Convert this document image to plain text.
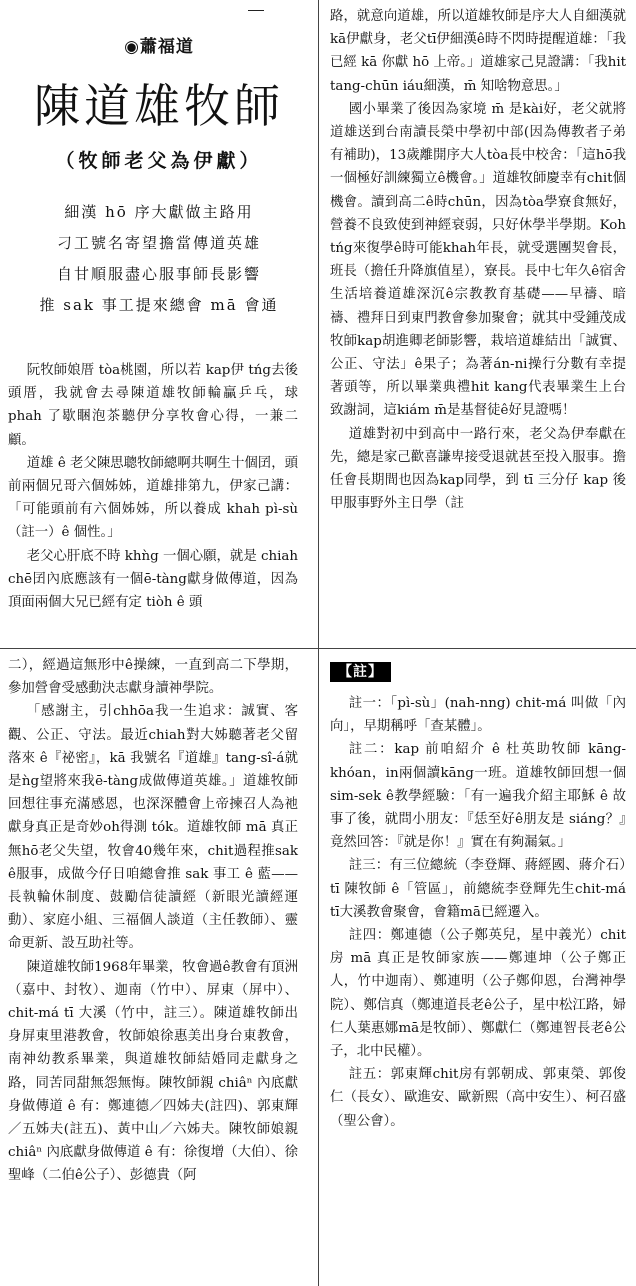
◉蕭福道
陳道雄牧師
（牧師老父為伊獻）
細漢 hō 序大獻做主路用
刁工號名寄望擔當傳道英雄
自甘順服盡心服事師長影響
推 sak 事工提來總會 mā 會通

阮牧師娘厝 tòa桃園，所以若 kap伊 tńg去後頭厝，我就會去尋陳道雄牧師輪贏乒乓，球 phah 了歇睏泡茶聽伊分享牧會心得，一兼二顧。

道雄 ê 老父陳思聰牧師總啊共啊生十個囝，頭前兩個兄哥六個姊姊，道雄排第九，伊家己講：「可能頭前有六個姊姊，所以養成 khah pì-sù（註一）ê 個性。」

老父心肝底不時 khǹg 一個心願，就是 chiah chē囝內底應該有一個ē-tàng獻身做傳道，因為頂面兩個大兄已經有定 tiòh ê 頭

路，就意向道雄，所以道雄牧師是序大人自細漢就kā伊獻身，老父tī伊細漢ê時不閃時提醒道雄：「我已經 kā 你獻 hō 上帝。」道雄家己見證講：「我hit tang-chūn iáu細漢，m̄ 知啥物意思。」

國小畢業了後因為家境 m̄ 是kài好，老父就將道雄送到台南讀長榮中學初中部(因為傳教者子弟有補助)，13歲離開序大人tòa長中校舍：「這hō我一個極好訓練獨立ê機會。」道雄牧師慶幸有chit個機會。讀到高二ê時chūn，因為tòa學寮食無好，營養不良致使到神經衰弱，只好休學半學期。Koh tńg來復學ê時可能khah年長，就受選團契會長，班長（擔任升降旗值星），寮長。長中七年久ê宿舍生活培養道雄深沉ê宗教教育基礎——早禱、暗禱、禮拜日到東門教會參加聚會；就其中受鍾茂成牧師kap胡進卿老師影響，栽培道雄結出「誠實、公正、守法」ê果子；為著án-ni操行分數有幸提著頭等，所以畢業典禮hit kang代表畢業生上台致謝詞，這kiám m̄是基督徒ê好見證嗎！

道雄對初中到高中一路行來，老父為伊奉獻在先，總是家己歡喜謙卑接受退就甚至投入服事。擔任會長期間也因為kap同學，到 tī 三分仔 kap 後甲服事野外主日學（註

二），經過這無形中ê操練，一直到高二下學期，參加營會受感動決志獻身讀神學院。

「感謝主，引chhōa我一生追求：誠實、客觀、公正、守法。最近chiah對大姊聽著老父留落來 ê『祕密』，kā 我號名『道雄』tang-sî-á就是ǹg望將來我ē-tàng成做傳道英雄。」道雄牧師回想往事充滿感恩，也深深體會上帝揀召人為祂獻身真正是奇妙oh得測 tók。道雄牧師 mā 真正無hō老父失望，牧會40幾年來，chit過程推sak ê服事，成做今仔日咱總會推 sak 事工 ê 藍——長執輪休制度、鼓勵信徒讀經（新眼光讀經運動）、家庭小組、三福個人談道（主任教師）、靈命更新、設互助社等。

陳道雄牧師1968年畢業，牧會過ê教會有頂洲（嘉中、封牧）、迦南（竹中）、屏東（屏中）、chit-má tī 大溪（竹中，註三）。陳道雄牧師出身屏東里港教會，牧師娘徐惠美出身台東教會，南神幼教系畢業，與道雄牧師結婚同走獻身之路，同苦同甜無怨無悔。陳牧師親 chiâⁿ 內底獻身做傳道 ê 有：鄭連德／四姊夫(註四)、郭東輝／五姊夫(註五)、黃中山／六姊夫。陳牧師娘親 chiâⁿ 內底獻身做傳道 ê 有：徐復增（大伯）、徐聖峰（二伯ê公子）、彭德貴（阿

【註】

註一：「pì-sù」(nah-nng) chit-má 叫做「內向」，早期稱呼「查某體」。

註二：kap 前咱紹介 ê 杜英助牧師 kāng-khóan，in兩個讀kāng一班。道雄牧師回想一個sim-sek ê教學經驗：「有一遍我介紹主耶穌 ê 故事了後，就問小朋友：『恁至好ê朋友是 siáng？』竟然回答：『就是你！』實在有夠漏氣。」

註三：有三位總統（李登輝、蔣經國、蔣介石）tī 陳牧師 ê「管區」，前總統李登輝先生chit-má tī大溪教會聚會，會籍mā已經遷入。

註四：鄭連德（公子鄭英兒，星中義光）chit 房 mā 真正是牧師家族——鄭連坤（公子鄭正人，竹中迦南）、鄭連明（公子鄭仰恩，台灣神學院）、鄭信真（鄭連道長老ê公子，星中松江路，婦仁人葉惠娜mā是牧師）、鄭獻仁（鄭連智長老ê公子，北中民權）。

註五：郭東輝chit房有郭朝成、郭東榮、郭俊仁（長女）、歐進安、歐新熙（高中安生）、柯召盛（聖公會）。
